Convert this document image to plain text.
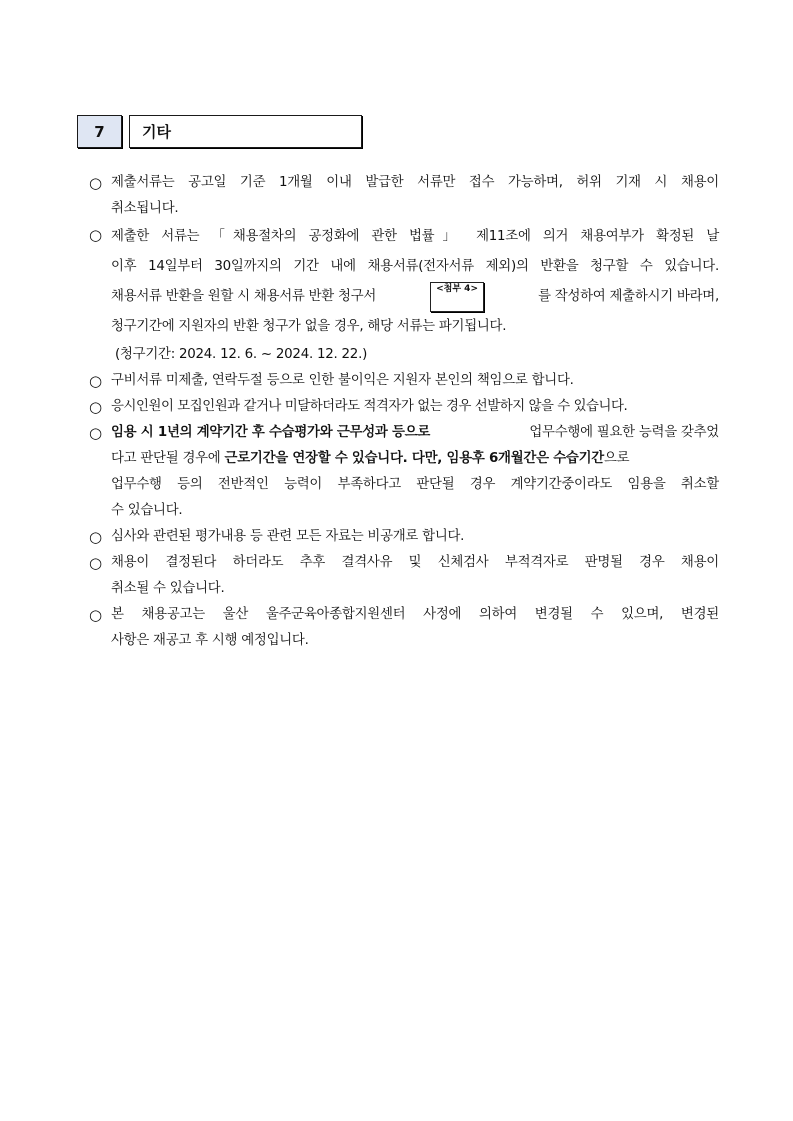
7	기타
○ 제출서류는 공고일 기준 1개월 이내 발급한 서류만 접수 가능하며, 허위 기재 시 채용이
취소됩니다.
○ 제출한 서류는 「채용절차의 공정화에 관한 법률」 제11조에 의거 채용여부가 확정된 날
이후 14일부터 30일까지의 기간 내에 채용서류(전자서류 제외)의 반환을 청구할 수 있습니다.
채용서류 반환을 원할 시 채용서류 반환 청구서	<첨부 4>	를 작성하여 제출하시기 바라며,
청구기간에 지원자의 반환 청구가 없을 경우, 해당 서류는 파기됩니다.
(청구기간: 2024. 12. 6. ~ 2024. 12. 22.)
○ 구비서류 미제출, 연락두절 등으로 인한 불이익은 지원자 본인의 책임으로 합니다.
○ 응시인원이 모집인원과 같거나 미달하더라도 적격자가 없는 경우 선발하지 않을 수 있습니다.
○ 임용 시 1년의 계약기간 후 수습평가와 근무성과 등으로	업무수행에 필요한 능력을 갖추었
다고 판단될 경우에 근로기간을 연장할 수 있습니다. 다만, 임용후 6개월간은 수습기간 으로
업무수행 등의 전반적인 능력이 부족하다고 판단될 경우 계약기간중이라도 임용을 취소할
수 있습니다.
○ 심사와 관련된 평가내용 등 관련 모든 자료는 비공개로 합니다.
○ 채용이 결정된다 하더라도 추후 결격사유 및 신체검사 부적격자로 판명될 경우 채용이
취소될 수 있습니다.
○ 본 채용공고는 울산 울주군육아종합지원센터 사정에 의하여 변경될 수 있으며, 변경된
사항은 재공고 후 시행 예정입니다.
